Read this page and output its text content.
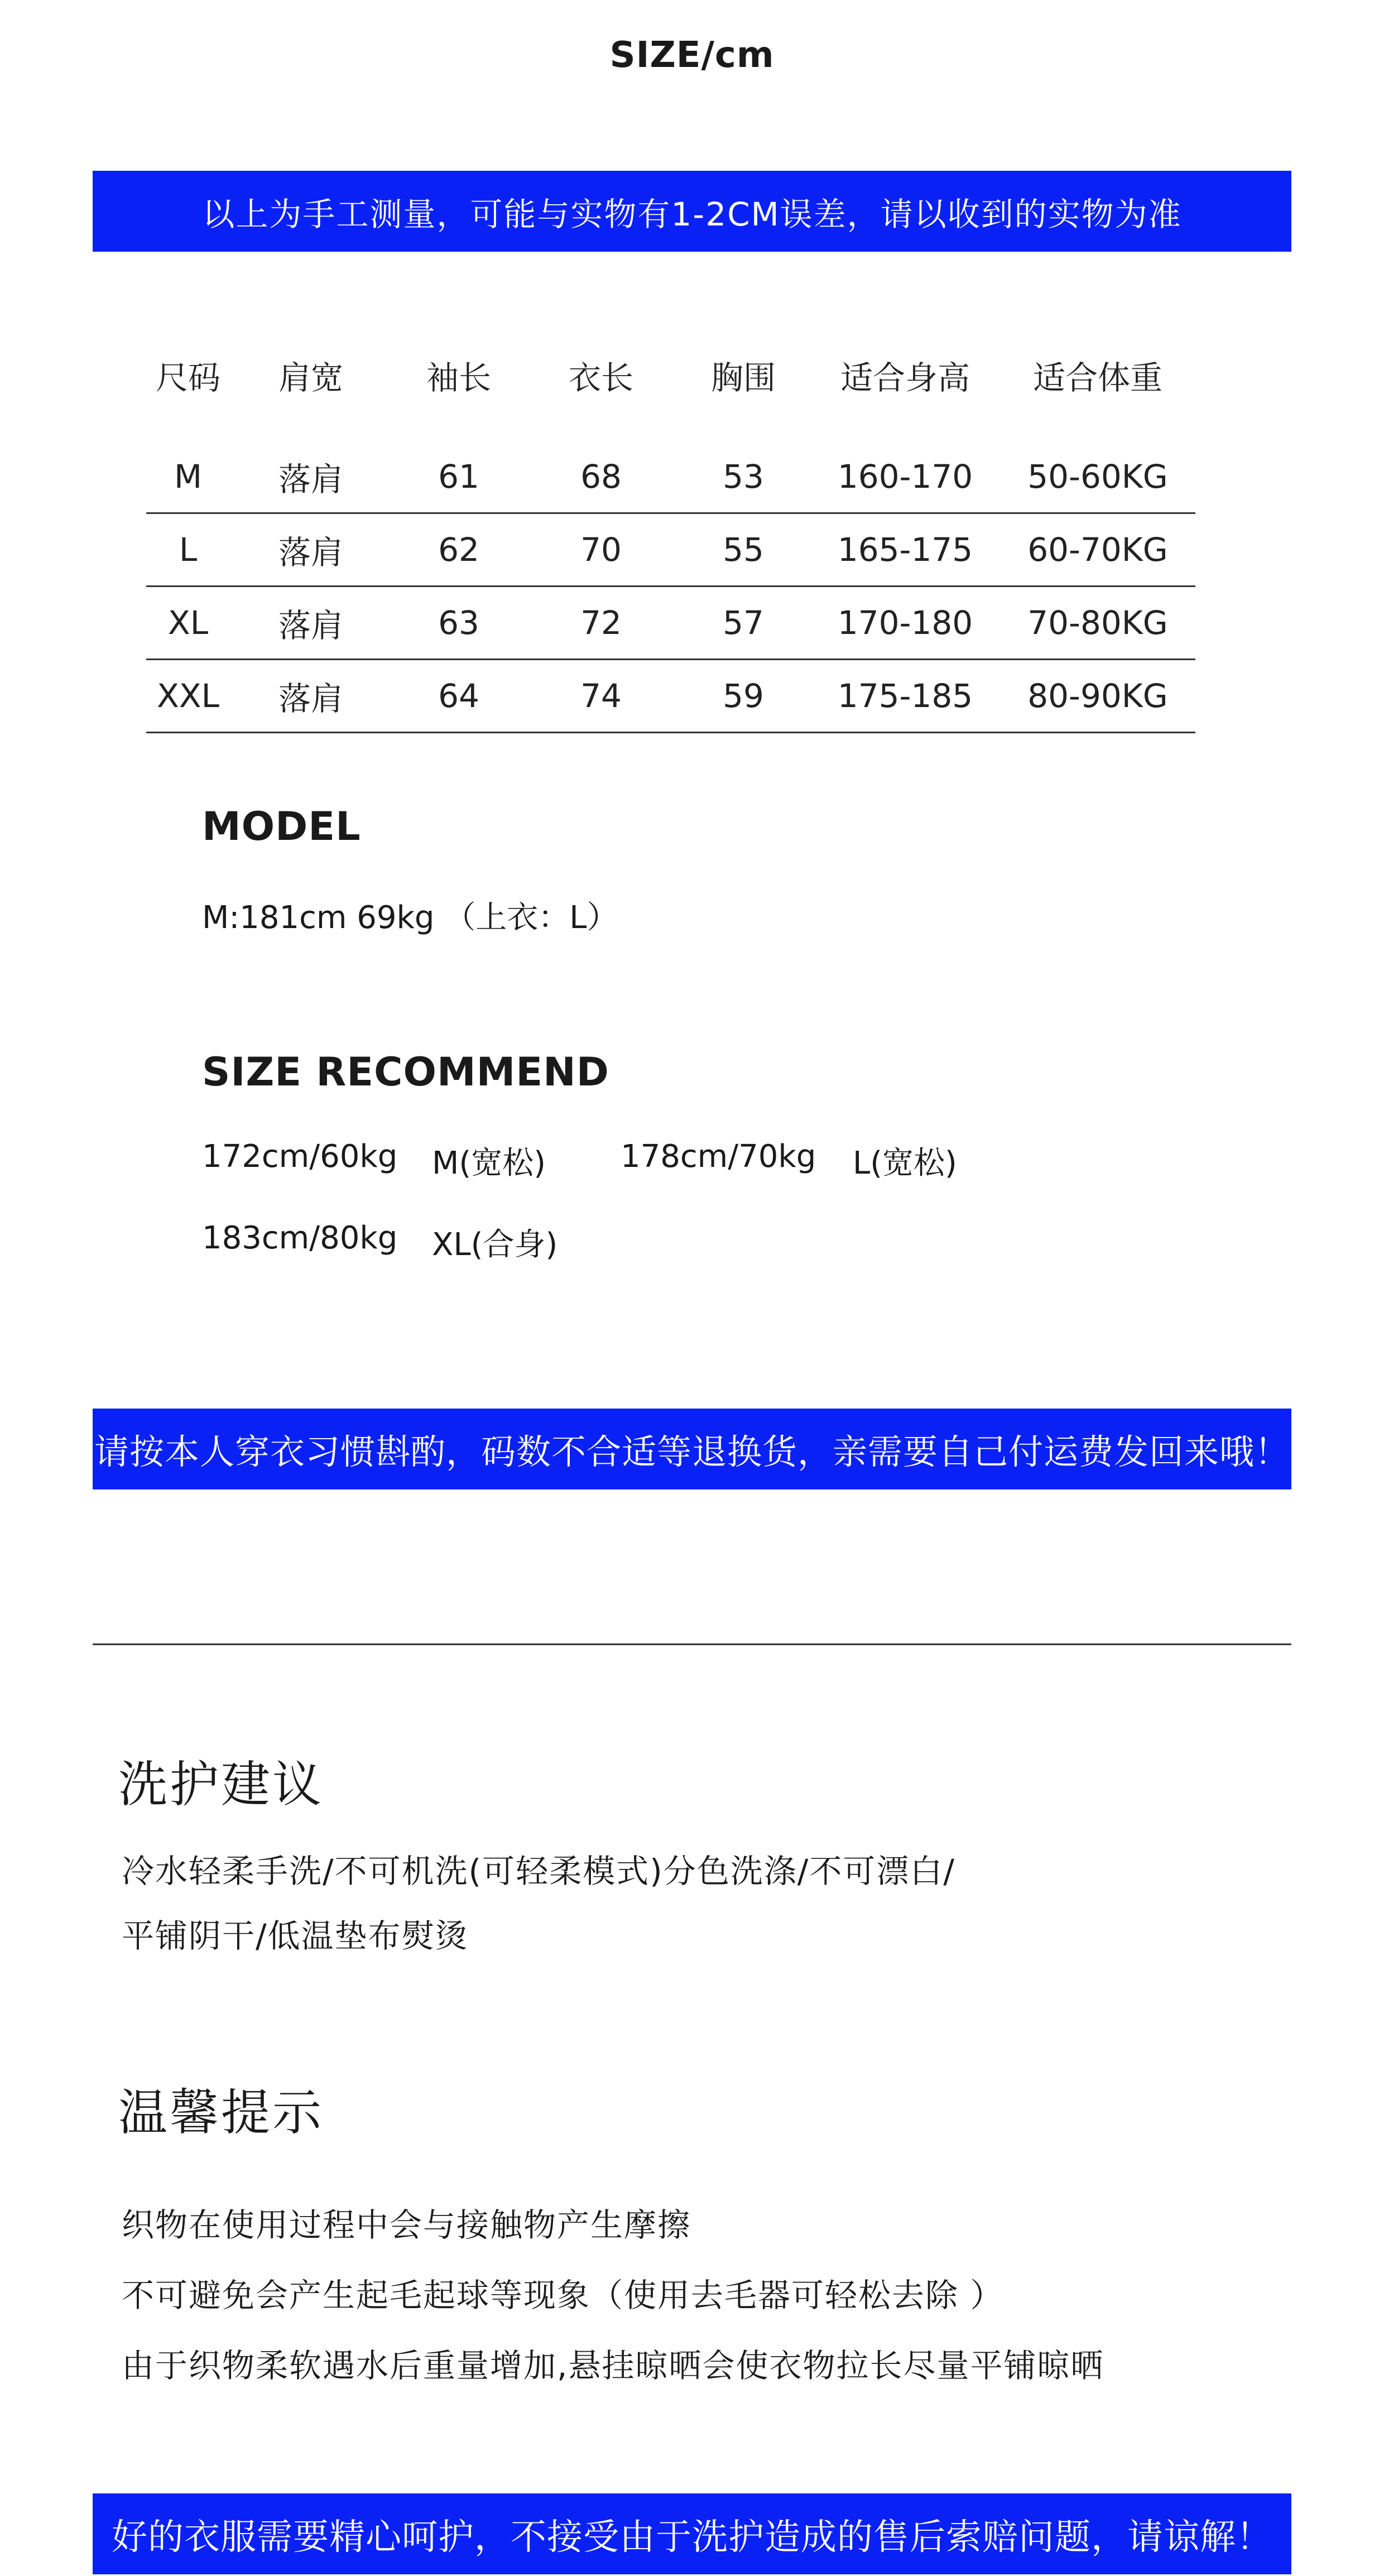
SIZE/cm
以上为手工测量，可能与实物有1-2CM误差，请以收到的实物为准
尺码	肩宽	袖长	衣长	胸围	适合身高	适合体重
M	落肩	61	68	53	160-170	50-60KG
L	落肩	62	70	55	165-175	60-70KG
XL	落肩	63	72	57	170-180	70-80KG
XXL	落肩	64	74	59	175-185	80-90KG
MODEL
M:181cm 69kg （上衣：L）
SIZE RECOMMEND
172cm/60kg M(宽松) 178cm/70kg L(宽松)
183cm/80kg XL(合身)
请按本人穿衣习惯斟酌，码数不合适等退换货，亲需要自己付运费发回来哦！
洗护建议
冷水轻柔手洗/不可机洗(可轻柔模式)分色洗涤/不可漂白/
平铺阴干/低温垫布熨烫
温馨提示
织物在使用过程中会与接触物产生摩擦
不可避免会产生起毛起球等现象（使用去毛器可轻松去除 ）
由于织物柔软遇水后重量增加,悬挂晾晒会使衣物拉长尽量平铺晾晒
好的衣服需要精心呵护，不接受由于洗护造成的售后索赔问题，请谅解！
